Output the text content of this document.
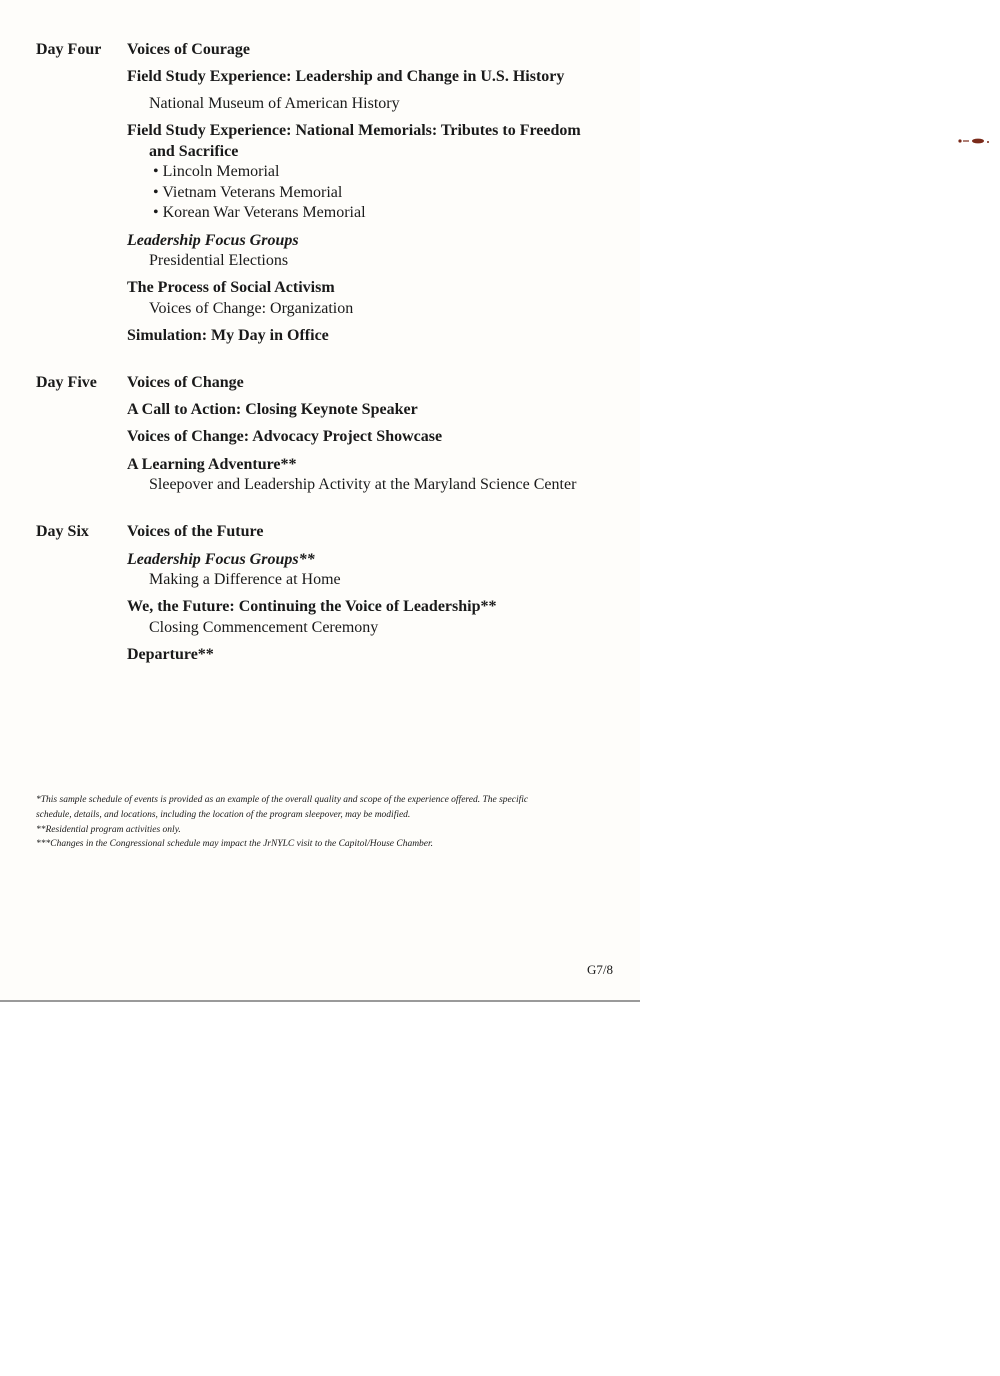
Day Four Voices of Courage
Field Study Experience: Leadership and Change in U.S. History
National Museum of American History
Field Study Experience: National Memorials: Tributes to Freedom
and Sacrifice
• Lincoln Memorial
• Vietnam Veterans Memorial
• Korean War Veterans Memorial
Leadership Focus Groups
Presidential Elections
The Process of Social Activism
Voices of Change: Organization
Simulation: My Day in Office
Day Five Voices of Change
A Call to Action: Closing Keynote Speaker
Voices of Change: Advocacy Project Showcase
A Learning Adventure**
Sleepover and Leadership Activity at the Maryland Science Center
Day Six Voices of the Future
Leadership Focus Groups**
Making a Difference at Home
We, the Future: Continuing the Voice of Leadership**
Closing Commencement Ceremony
Departure**
*This sample schedule of events is provided as an example of the overall quality and scope of the experience offered. The specific
schedule, details, and locations, including the location of the program sleepover, may be modified.
**Residential program activities only.
***Changes in the Congressional schedule may impact the JrNYLC visit to the Capitol/House Chamber.
G7/8
